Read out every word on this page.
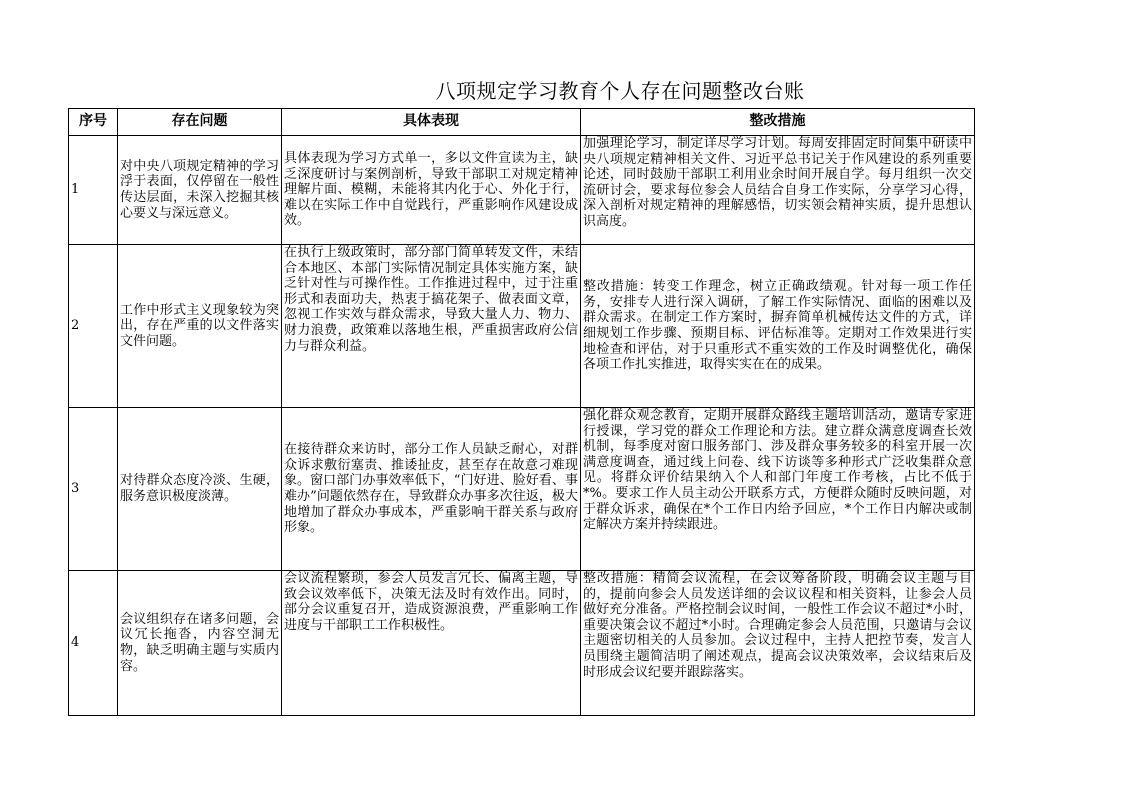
八项规定学习教育个人存在问题整改台账
序号	存在问题	具体表现	整改措施
1	对中央八项规定精神的学习浮于表面，仅停留在一般性传达层面，未深入挖掘其核心要义与深远意义。	具体表现为学习方式单一，多以文件宣读为主，缺乏深度研讨与案例剖析，导致干部职工对规定精神理解片面、模糊，未能将其内化于心、外化于行，难以在实际工作中自觉践行，严重影响作风建设成效。	加强理论学习，制定详尽学习计划。每周安排固定时间集中研读中央八项规定精神相关文件、习近平总书记关于作风建设的系列重要论述，同时鼓励干部职工利用业余时间开展自学。每月组织一次交流研讨会，要求每位参会人员结合自身工作实际，分享学习心得，深入剖析对规定精神的理解感悟，切实领会精神实质，提升思想认识高度。
2	工作中形式主义现象较为突出，存在严重的以文件落实文件问题。	在执行上级政策时，部分部门简单转发文件，未结合本地区、本部门实际情况制定具体实施方案，缺乏针对性与可操作性。工作推进过程中，过于注重形式和表面功夫，热衷于搞花架子、做表面文章，忽视工作实效与群众需求，导致大量人力、物力、财力浪费，政策难以落地生根，严重损害政府公信力与群众利益。	整改措施：转变工作理念，树立正确政绩观。针对每一项工作任务，安排专人进行深入调研，了解工作实际情况、面临的困难以及群众需求。在制定工作方案时，摒弃简单机械传达文件的方式，详细规划工作步骤、预期目标、评估标准等。定期对工作效果进行实地检查和评估，对于只重形式不重实效的工作及时调整优化，确保各项工作扎实推进，取得实实在在的成果。
3	对待群众态度冷淡、生硬，服务意识极度淡薄。	在接待群众来访时，部分工作人员缺乏耐心，对群众诉求敷衍塞责、推诿扯皮，甚至存在故意刁难现象。窗口部门办事效率低下，“门好进、脸好看、事难办”问题依然存在，导致群众办事多次往返，极大地增加了群众办事成本，严重影响干群关系与政府形象。	强化群众观念教育，定期开展群众路线主题培训活动，邀请专家进行授课，学习党的群众工作理论和方法。建立群众满意度调查长效机制，每季度对窗口服务部门、涉及群众事务较多的科室开展一次满意度调查，通过线上问卷、线下访谈等多种形式广泛收集群众意见。将群众评价结果纳入个人和部门年度工作考核，占比不低于*%。要求工作人员主动公开联系方式，方便群众随时反映问题，对于群众诉求，确保在*个工作日内给予回应，*个工作日内解决或制定解决方案并持续跟进。
4	会议组织存在诸多问题，会议冗长拖沓，内容空洞无物，缺乏明确主题与实质内容。	会议流程繁琐，参会人员发言冗长、偏离主题，导致会议效率低下，决策无法及时有效作出。同时，部分会议重复召开，造成资源浪费，严重影响工作进度与干部职工工作积极性。	整改措施：精简会议流程，在会议筹备阶段，明确会议主题与目的，提前向参会人员发送详细的会议议程和相关资料，让参会人员做好充分准备。严格控制会议时间，一般性工作会议不超过*小时，重要决策会议不超过*小时。合理确定参会人员范围，只邀请与会议主题密切相关的人员参加。会议过程中，主持人把控节奏，发言人员围绕主题简洁明了阐述观点，提高会议决策效率，会议结束后及时形成会议纪要并跟踪落实。
